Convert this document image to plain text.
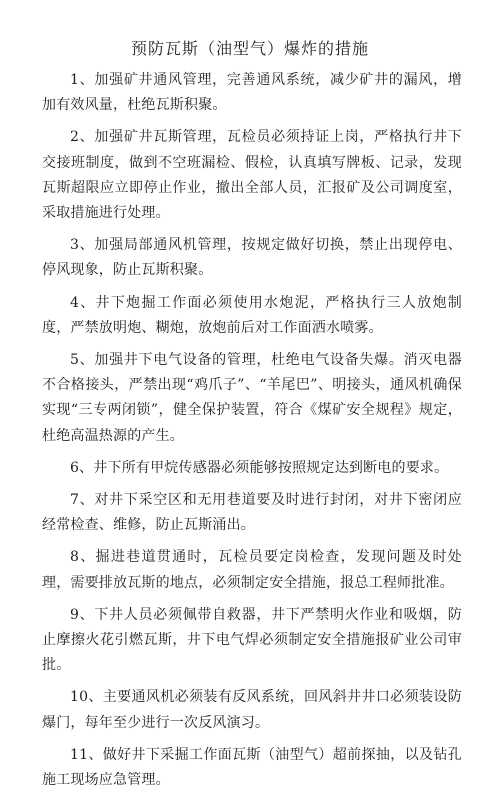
预防瓦斯（油型气）爆炸的措施
1、加强矿井通风管理，完善通风系统，减少矿井的漏风，增加有效风量，杜绝瓦斯积聚。
2、加强矿井瓦斯管理，瓦检员必须持证上岗，严格执行井下交接班制度，做到不空班漏检、假检，认真填写牌板、记录，发现瓦斯超限应立即停止作业，撤出全部人员，汇报矿及公司调度室，采取措施进行处理。
3、加强局部通风机管理，按规定做好切换，禁止出现停电、停风现象，防止瓦斯积聚。
4、井下炮掘工作面必须使用水炮泥，严格执行三人放炮制度，严禁放明炮、糊炮，放炮前后对工作面洒水喷雾。
5、加强井下电气设备的管理，杜绝电气设备失爆。消灭电器不合格接头，严禁出现“鸡爪子”、“羊尾巴”、明接头，通风机确保实现“三专两闭锁”，健全保护装置，符合《煤矿安全规程》规定，杜绝高温热源的产生。
6、井下所有甲烷传感器必须能够按照规定达到断电的要求。
7、对井下采空区和无用巷道要及时进行封闭，对井下密闭应经常检查、维修，防止瓦斯涌出。
8、掘进巷道贯通时，瓦检员要定岗检查，发现问题及时处理，需要排放瓦斯的地点，必须制定安全措施，报总工程师批准。
9、下井人员必须佩带自救器，井下严禁明火作业和吸烟，防止摩擦火花引燃瓦斯，井下电气焊必须制定安全措施报矿业公司审批。
10、主要通风机必须装有反风系统，回风斜井井口必须装设防爆门，每年至少进行一次反风演习。
11、做好井下采掘工作面瓦斯（油型气）超前探抽，以及钻孔施工现场应急管理。
